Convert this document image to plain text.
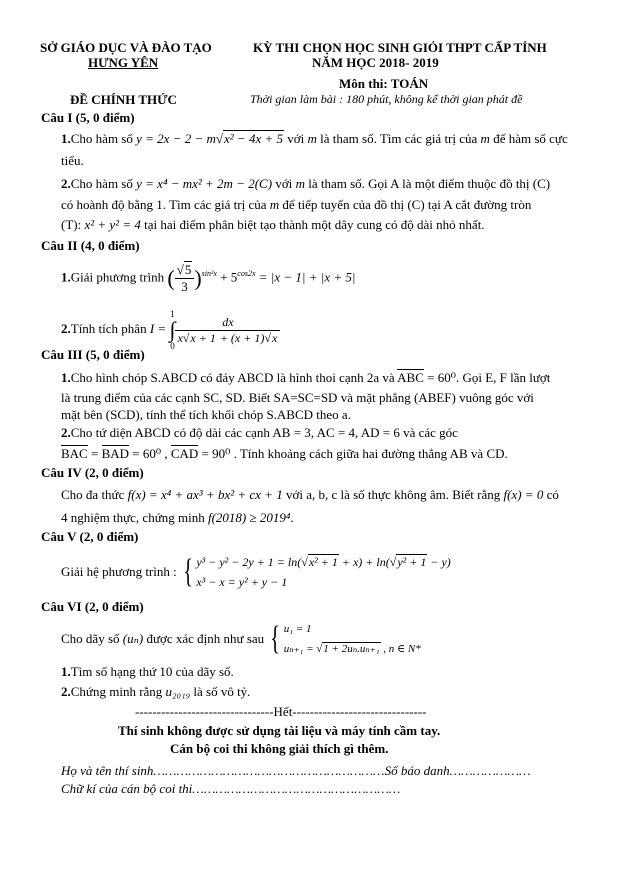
SỞ GIÁO DỤC VÀ ĐÀO TẠO
HƯNG YÊN
KỲ THI CHỌN HỌC SINH GIỎI THPT CẤP TỈNH
NĂM HỌC 2018- 2019
Môn thi: TOÁN
ĐỀ CHÍNH THỨC	Thời gian làm bài : 180 phút, không kể thời gian phát đề
Câu I (5, 0 điểm)
1.Cho hàm số y = 2x − 2 − m√x² − 4x + 5 với m là tham số. Tìm các giá trị của m để hàm số cực
tiểu.
2.Cho hàm số y = x⁴ − mx² + 2m − 2(C) với m là tham số. Gọi A là một điểm thuộc đồ thị (C)
có hoành độ bằng 1. Tìm các giá trị của m để tiếp tuyến của đồ thị (C) tại A cắt đường tròn
(T): x² + y² = 4 tại hai điểm phân biệt tạo thành một dây cung có độ dài nhỏ nhất.
Câu II (4, 0 điểm)
1.Giải phương trình ( $\frac{√5}{3} )^{sin^2x} + 5^{cos2x} = |x - 1| + |x + 5|$
2.Tính tích phân I = 1
∫
0
$\frac{dx}{x√x + 1 + (x + 1)√x}$
Câu III (5, 0 điểm)
1.Cho hình chóp S.ABCD có đáy ABCD là hình thoi cạnh 2a và ABC = 60⁰. Gọi E, F lần lượt
là trung điểm của các cạnh SC, SD. Biết SA=SC=SD và mặt phẳng (ABEF) vuông góc với
mặt bên (SCD), tính thể tích khối chóp S.ABCD theo a.
2.Cho tứ diện ABCD có độ dài các cạnh AB = 3, AC = 4, AD = 6 và các góc
BAC = BAD = 60⁰ , CAD = 90⁰ . Tính khoảng cách giữa hai đường thẳng AB và CD.
Câu IV (2, 0 điểm)
Cho đa thức f(x) = x⁴ + ax³ + bx² + cx + 1 với a, b, c là số thực không âm. Biết rằng f(x) = 0 có
4 nghiệm thực, chứng minh f(2018) ≥ 2019⁴.
Câu V (2, 0 điểm)
Giải hệ phương trình : { y³ − y² − 2y + 1 = ln(√x² + 1 + x) + ln(√y² + 1 − y)
x³ − x = y² + y − 1
Câu VI (2, 0 điểm)
Cho dãy số (uₙ) được xác định như sau { u₁ = 1
uₙ₊₁ = √1 + 2uₙ.uₙ₊₁ , n ∈ N*
1.Tìm số hạng thứ 10 của dãy số.
2.Chứng minh rằng u₂₀₁₉ là số vô tỷ.
--------------------------------Hết-------------------------------
Thí sinh không được sử dụng tài liệu và máy tính cầm tay.
Cán bộ coi thi không giải thích gì thêm.
Họ và tên thí sinh……………………………………………………Số báo danh…………………
Chữ kí của cán bộ coi thi………………………………………………
